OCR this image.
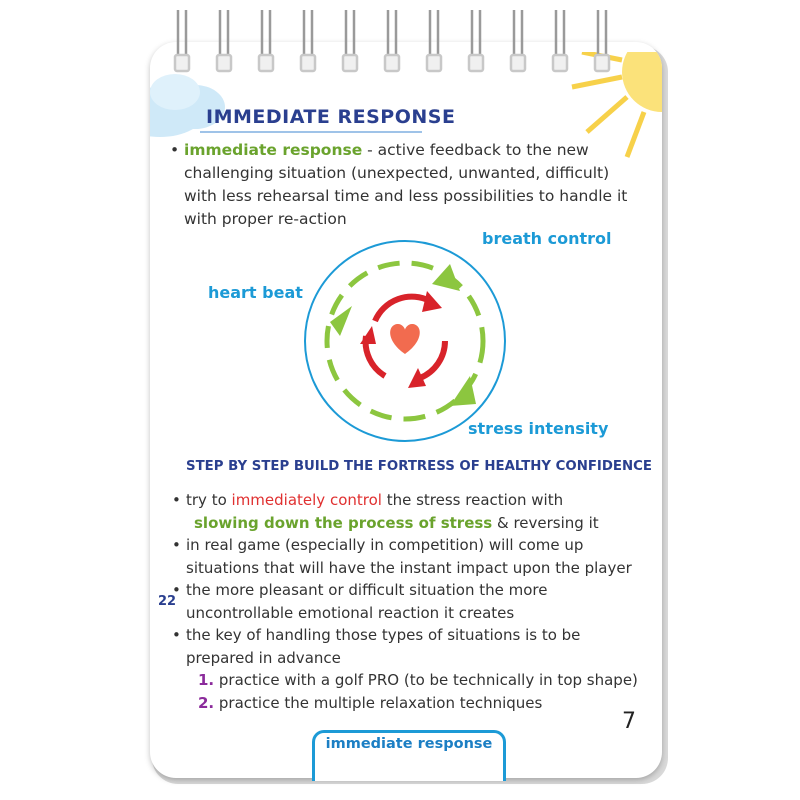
IMMEDIATE RESPONSE
• immediate response - active feedback to the new
challenging situation (unexpected, unwanted, difficult)
with less rehearsal time and less possibilities to handle it
with proper re-action
breath control
heart beat
stress intensity
STEP BY STEP BUILD THE FORTRESS OF HEALTHY CONFIDENCE
• try to immediately control the stress reaction with
slowing down the process of stress & reversing it
• in real game (especially in competition) will come up
situations that will have the instant impact upon the player
• the more pleasant or difficult situation the more
uncontrollable emotional reaction it creates
• the key of handling those types of situations is to be
prepared in advance
1. practice with a golf PRO (to be technically in top shape)
2. practice the multiple relaxation techniques
22
7
immediate response
